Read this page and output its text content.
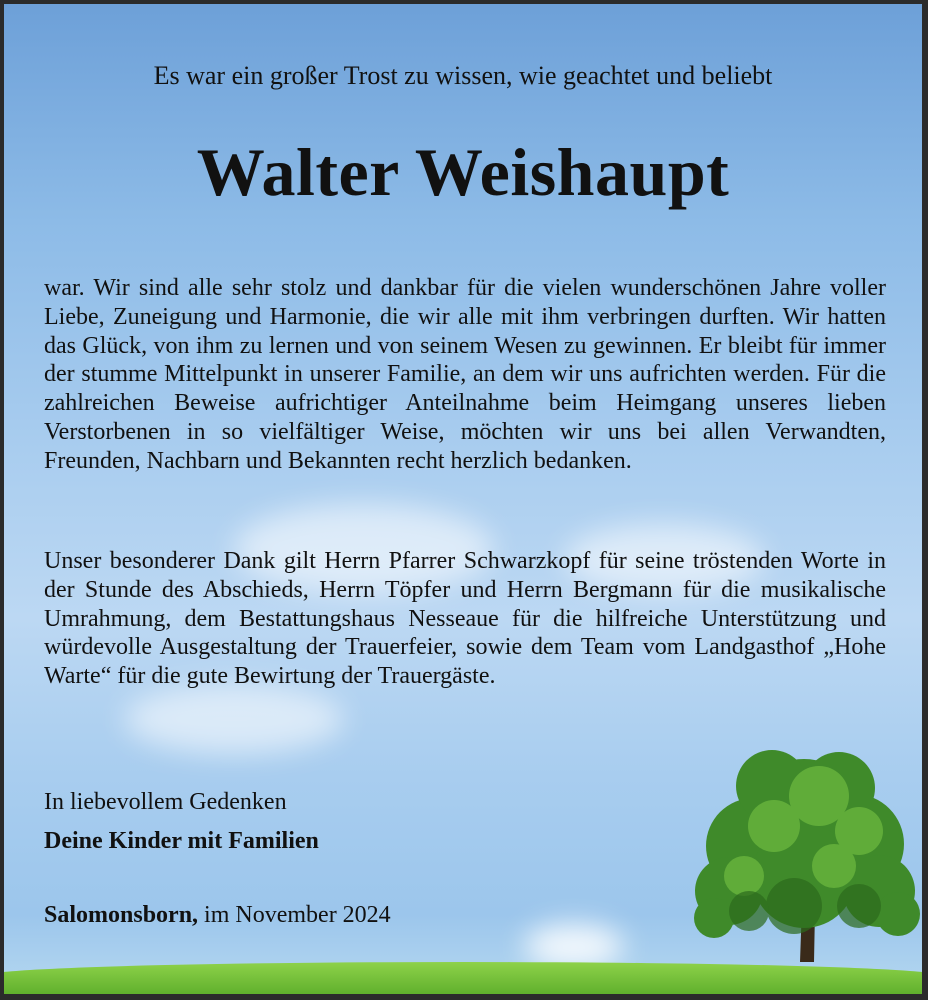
Es war ein großer Trost zu wissen, wie geachtet und beliebt
Walter Weishaupt

war. Wir sind alle sehr stolz und dankbar für die vielen wunderschönen Jahre voller Liebe, Zuneigung und Harmonie, die wir alle mit ihm verbringen durften. Wir hatten das Glück, von ihm zu lernen und von seinem Wesen zu gewinnen. Er bleibt für immer der stumme Mittelpunkt in unserer Familie, an dem wir uns aufrichten werden. Für die zahlreichen Beweise aufrichtiger Anteilnahme beim Heimgang unseres lieben Verstorbenen in so vielfältiger Weise, möchten wir uns bei allen Verwandten, Freunden, Nachbarn und Bekannten recht herzlich bedanken.

Unser besonderer Dank gilt Herrn Pfarrer Schwarzkopf für seine tröstenden Worte in der Stunde des Abschieds, Herrn Töpfer und Herrn Bergmann für die musikalische Umrahmung, dem Bestattungshaus Nesseaue für die hilfreiche Unterstützung und würdevolle Ausgestaltung der Trauerfeier, sowie dem Team vom Landgasthof „Hohe Warte“ für die gute Bewirtung der Trauergäste.

In liebevollem Gedenken
Deine Kinder mit Familien
Salomonsborn, im November 2024
